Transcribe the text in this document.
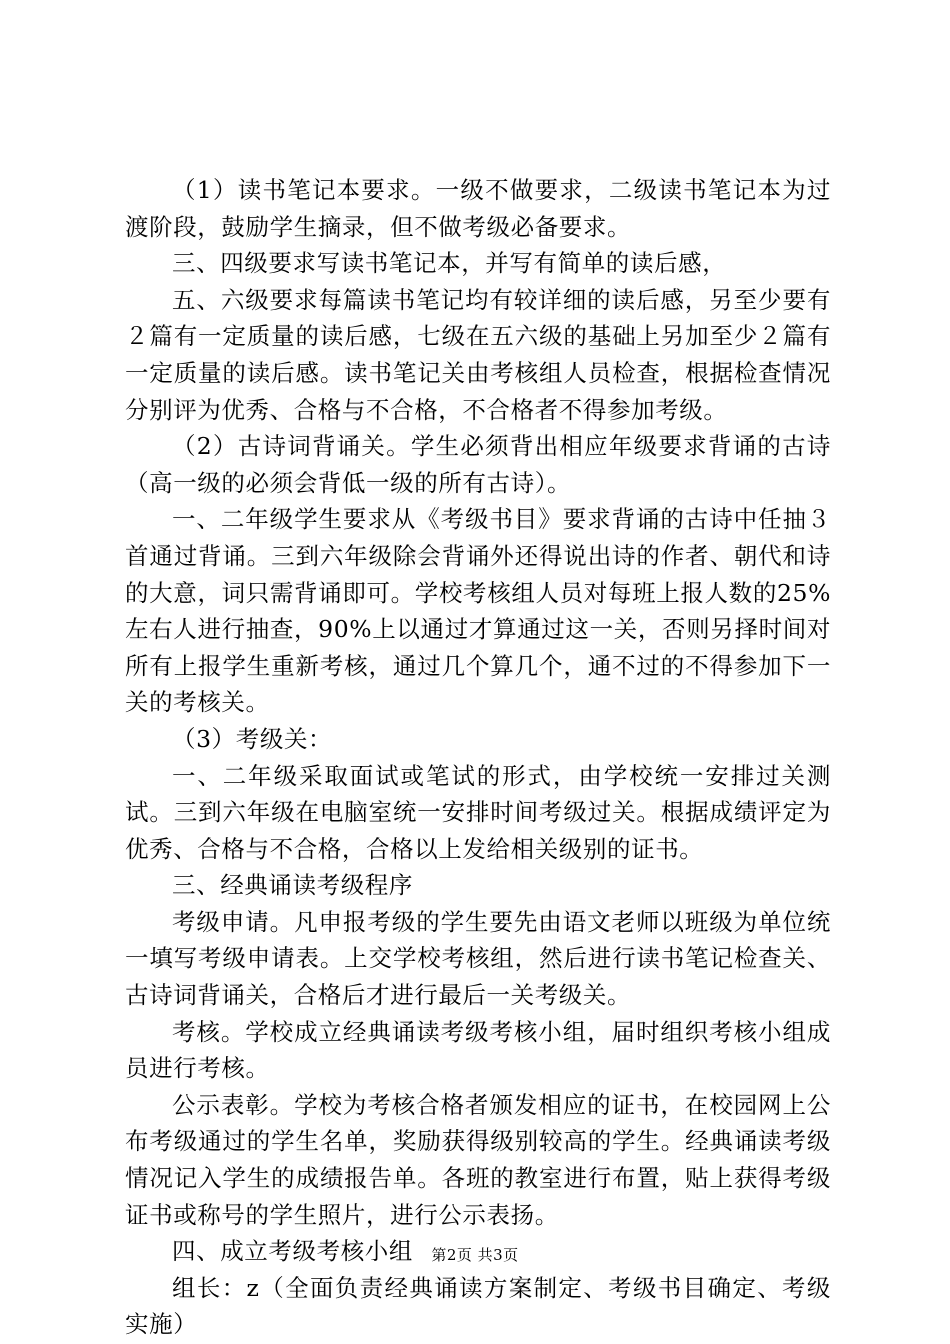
（1）读书笔记本要求。一级不做要求，二级读书笔记本为过渡阶段，鼓励学生摘录，但不做考级必备要求。

三、四级要求写读书笔记本，并写有简单的读后感，

五、六级要求每篇读书笔记均有较详细的读后感，另至少要有２篇有一定质量的读后感，七级在五六级的基础上另加至少２篇有一定质量的读后感。读书笔记关由考核组人员检查，根据检查情况分别评为优秀、合格与不合格，不合格者不得参加考级。

（2）古诗词背诵关。学生必须背出相应年级要求背诵的古诗（高一级的必须会背低一级的所有古诗）。

一、二年级学生要求从《考级书目》要求背诵的古诗中任抽３首通过背诵。三到六年级除会背诵外还得说出诗的作者、朝代和诗的大意，词只需背诵即可。学校考核组人员对每班上报人数的25%左右人进行抽查，90%上以通过才算通过这一关，否则另择时间对所有上报学生重新考核，通过几个算几个，通不过的不得参加下一关的考核关。

（3）考级关：

一、二年级采取面试或笔试的形式，由学校统一安排过关测试。三到六年级在电脑室统一安排时间考级过关。根据成绩评定为优秀、合格与不合格，合格以上发给相关级别的证书。

三、经典诵读考级程序

考级申请。凡申报考级的学生要先由语文老师以班级为单位统一填写考级申请表。上交学校考核组，然后进行读书笔记检查关、古诗词背诵关，合格后才进行最后一关考级关。

考核。学校成立经典诵读考级考核小组，届时组织考核小组成员进行考核。

公示表彰。学校为考核合格者颁发相应的证书，在校园网上公布考级通过的学生名单，奖励获得级别较高的学生。经典诵读考级情况记入学生的成绩报告单。各班的教室进行布置，贴上获得考级证书或称号的学生照片，进行公示表扬。

四、成立考级考核小组

组长：z（全面负责经典诵读方案制定、考级书目确定、考级实施）

第2页 共3页
